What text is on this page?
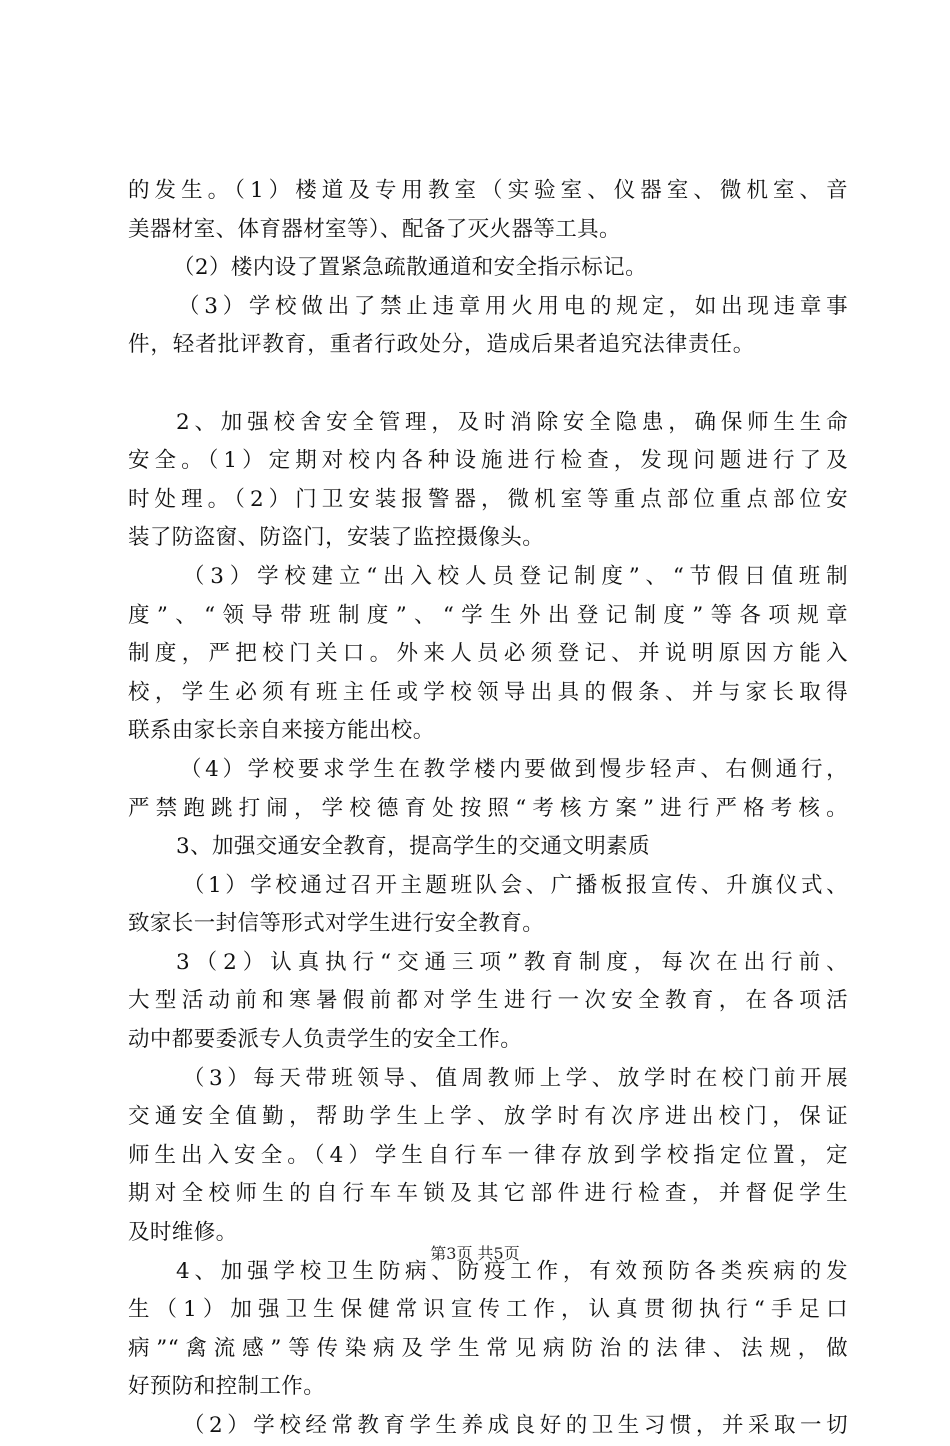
的发生。（1）楼道及专用教室（实验室、仪器室、微机室、音
美器材室、体育器材室等）、配备了灭火器等工具。
（2）楼内设了置紧急疏散通道和安全指示标记。
（3）学校做出了禁止违章用火用电的规定，如出现违章事
件，轻者批评教育，重者行政处分，造成后果者追究法律责任。
2、加强校舍安全管理，及时消除安全隐患，确保师生生命
安全。（1）定期对校内各种设施进行检查，发现问题进行了及
时处理。（2）门卫安装报警器，微机室等重点部位重点部位安
装了防盗窗、防盗门，安装了监控摄像头。
（3）学校建立“出入校人员登记制度”、“节假日值班制
度”、“领导带班制度”、“学生外出登记制度”等各项规章
制度，严把校门关口。外来人员必须登记、并说明原因方能入
校，学生必须有班主任或学校领导出具的假条、并与家长取得
联系由家长亲自来接方能出校。
（4）学校要求学生在教学楼内要做到慢步轻声、右侧通行，
严禁跑跳打闹，学校德育处按照“考核方案”进行严格考核。
3、加强交通安全教育，提高学生的交通文明素质
（1）学校通过召开主题班队会、广播板报宣传、升旗仪式、
致家长一封信等形式对学生进行安全教育。
3（2）认真执行“交通三项”教育制度，每次在出行前、
大型活动前和寒暑假前都对学生进行一次安全教育，在各项活
动中都要委派专人负责学生的安全工作。
（3）每天带班领导、值周教师上学、放学时在校门前开展
交通安全值勤，帮助学生上学、放学时有次序进出校门，保证
师生出入安全。（4）学生自行车一律存放到学校指定位置，定
期对全校师生的自行车车锁及其它部件进行检查，并督促学生
及时维修。
4、加强学校卫生防病、防疫工作，有效预防各类疾病的发
生（1）加强卫生保健常识宣传工作，认真贯彻执行“手足口
病”“禽流感”等传染病及学生常见病防治的法律、法规，做
好预防和控制工作。
（2）学校经常教育学生养成良好的卫生习惯，并采取一切
第3页 共5页
